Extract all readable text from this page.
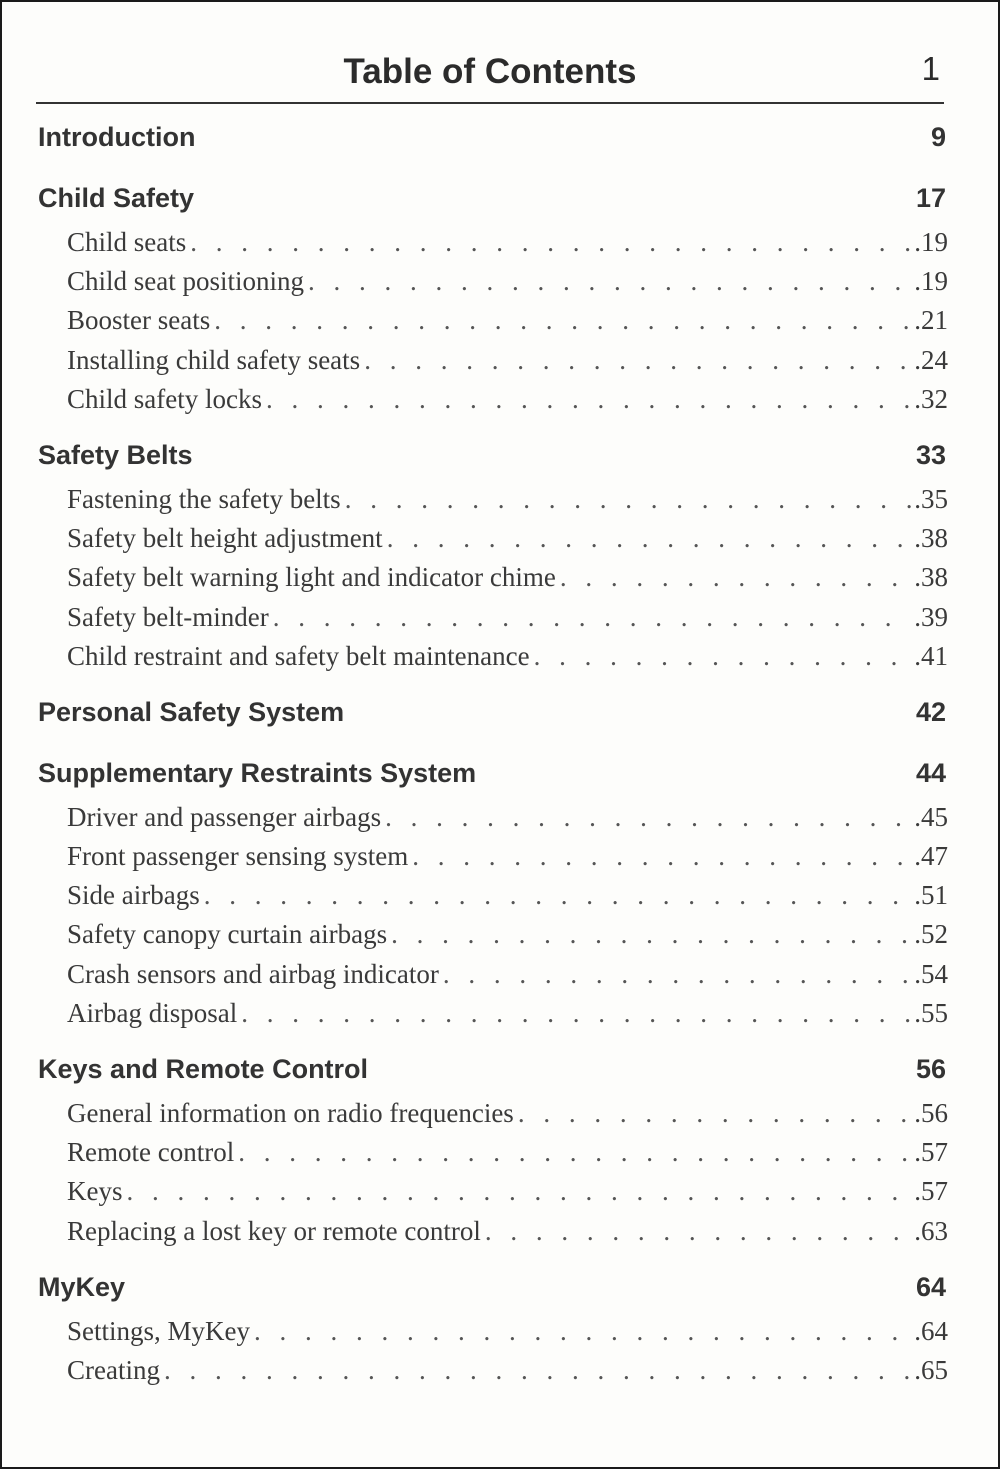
Table of Contents	1
Introduction	9
Child Safety	17
Child seats . . .	.19
Child seat positioning . . .	.19
Booster seats . . .	.21
Installing child safety seats . . .	.24
Child safety locks . . .	.32
Safety Belts	33
Fastening the safety belts . . .	.35
Safety belt height adjustment . . .	.38
Safety belt warning light and indicator chime . . .	.38
Safety belt-minder . . .	.39
Child restraint and safety belt maintenance . . .	.41
Personal Safety System	42
Supplementary Restraints System	44
Driver and passenger airbags . . .	.45
Front passenger sensing system . . .	.47
Side airbags . . .	.51
Safety canopy curtain airbags . . .	.52
Crash sensors and airbag indicator . . .	.54
Airbag disposal . . .	.55
Keys and Remote Control	56
General information on radio frequencies . . .	.56
Remote control . . .	.57
Keys . . .	.57
Replacing a lost key or remote control . . .	.63
MyKey	64
Settings, MyKey . . .	.64
Creating . . .	.65
